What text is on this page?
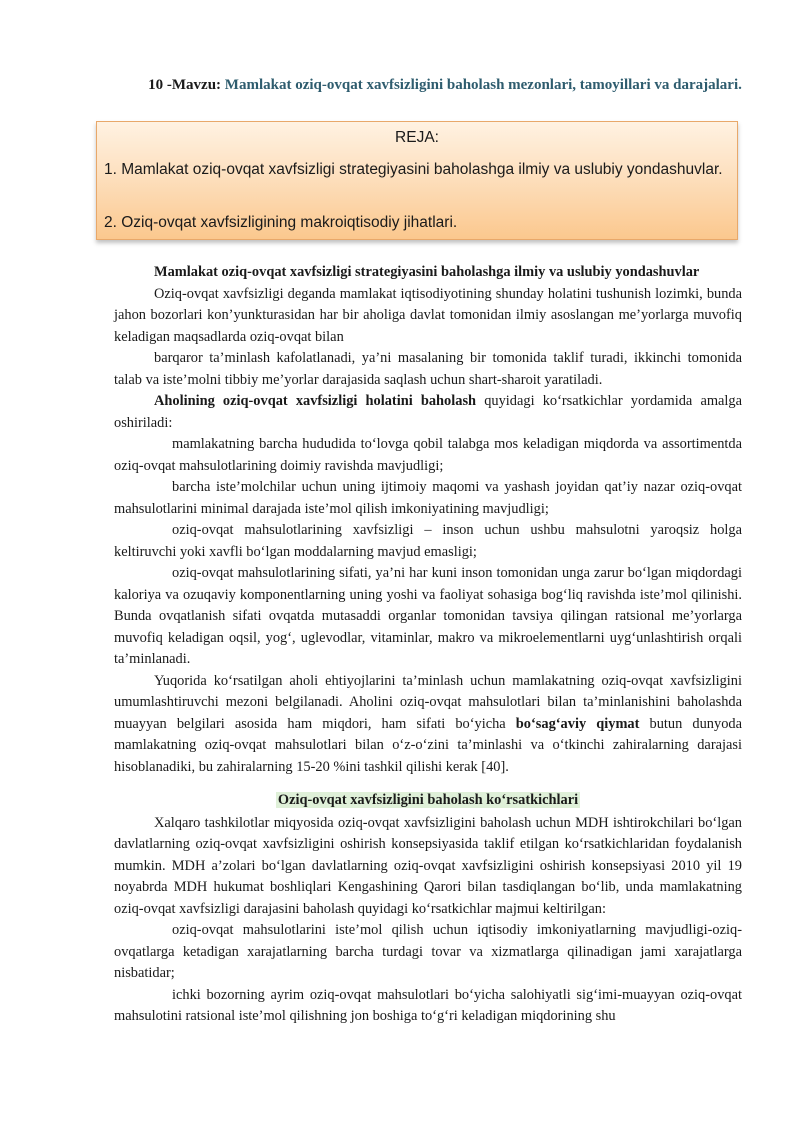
10 -Mavzu: Mamlakat oziq-ovqat xavfsizligini baholash mezonlari, tamoyillari va darajalari.
REJA:
1. Mamlakat oziq-ovqat xavfsizligi strategiyasini baholashga ilmiy va uslubiy yondashuvlar.
2. Oziq-ovqat xavfsizligining makroiqtisodiy jihatlari.

Mamlakat oziq-ovqat xavfsizligi strategiyasini baholashga ilmiy va uslubiy yondashuvlar

Oziq-ovqat xavfsizligi deganda mamlakat iqtisodiyotining shunday holatini tushunish lozimki, bunda jahon bozorlari kon’yunkturasidan har bir aholiga davlat tomonidan ilmiy asoslangan me’yorlarga muvofiq keladigan maqsadlarda oziq-ovqat bilan

barqaror ta’minlash kafolatlanadi, ya’ni masalaning bir tomonida taklif turadi, ikkinchi tomonida talab va iste’molni tibbiy me’yorlar darajasida saqlash uchun shart-sharoit yaratiladi.

Aholining oziq-ovqat xavfsizligi holatini baholash quyidagi ko‘rsatkichlar yordamida amalga oshiriladi:

mamlakatning barcha hududida to‘lovga qobil talabga mos keladigan miqdorda va assortimentda oziq-ovqat mahsulotlarining doimiy ravishda mavjudligi;

barcha iste’molchilar uchun uning ijtimoiy maqomi va yashash joyidan qat’iy nazar oziq-ovqat mahsulotlarini minimal darajada iste’mol qilish imkoniyatining mavjudligi;

oziq-ovqat mahsulotlarining xavfsizligi – inson uchun ushbu mahsulotni yaroqsiz holga keltiruvchi yoki xavfli bo‘lgan moddalarning mavjud emasligi;

oziq-ovqat mahsulotlarining sifati, ya’ni har kuni inson tomonidan unga zarur bo‘lgan miqdordagi kaloriya va ozuqaviy komponentlarning uning yoshi va faoliyat sohasiga bog‘liq ravishda iste’mol qilinishi. Bunda ovqatlanish sifati ovqatda mutasaddi organlar tomonidan tavsiya qilingan ratsional me’yorlarga muvofiq keladigan oqsil, yog‘, uglevodlar, vitaminlar, makro va mikroelementlarni uyg‘unlashtirish orqali ta’minlanadi.

Yuqorida ko‘rsatilgan aholi ehtiyojlarini ta’minlash uchun mamlakatning oziq-ovqat xavfsizligini umumlashtiruvchi mezoni belgilanadi. Aholini oziq-ovqat mahsulotlari bilan ta’minlanishini baholashda muayyan belgilari asosida ham miqdori, ham sifati bo‘yicha bo‘sag‘aviy qiymat butun dunyoda mamlakatning oziq-ovqat mahsulotlari bilan o‘z-o‘zini ta’minlashi va o‘tkinchi zahiralarning darajasi hisoblanadiki, bu zahiralarning 15-20 %ini tashkil qilishi kerak [40].

Oziq-ovqat xavfsizligini baholash ko‘rsatkichlari

Xalqaro tashkilotlar miqyosida oziq-ovqat xavfsizligini baholash uchun MDH ishtirokchilari bo‘lgan davlatlarning oziq-ovqat xavfsizligini oshirish konsepsiyasida taklif etilgan ko‘rsatkichlaridan foydalanish mumkin. MDH a’zolari bo‘lgan davlatlarning oziq-ovqat xavfsizligini oshirish konsepsiyasi 2010 yil 19 noyabrda MDH hukumat boshliqlari Kengashining Qarori bilan tasdiqlangan bo‘lib, unda mamlakatning oziq-ovqat xavfsizligi darajasini baholash quyidagi ko‘rsatkichlar majmui keltirilgan:

oziq-ovqat mahsulotlarini iste’mol qilish uchun iqtisodiy imkoniyatlarning mavjudligi-oziq-ovqatlarga ketadigan xarajatlarning barcha turdagi tovar va xizmatlarga qilinadigan jami xarajatlarga nisbatidar;

ichki bozorning ayrim oziq-ovqat mahsulotlari bo‘yicha salohiyatli sig‘imi-muayyan oziq-ovqat mahsulotini ratsional iste’mol qilishning jon boshiga to‘g‘ri keladigan miqdorining shu
